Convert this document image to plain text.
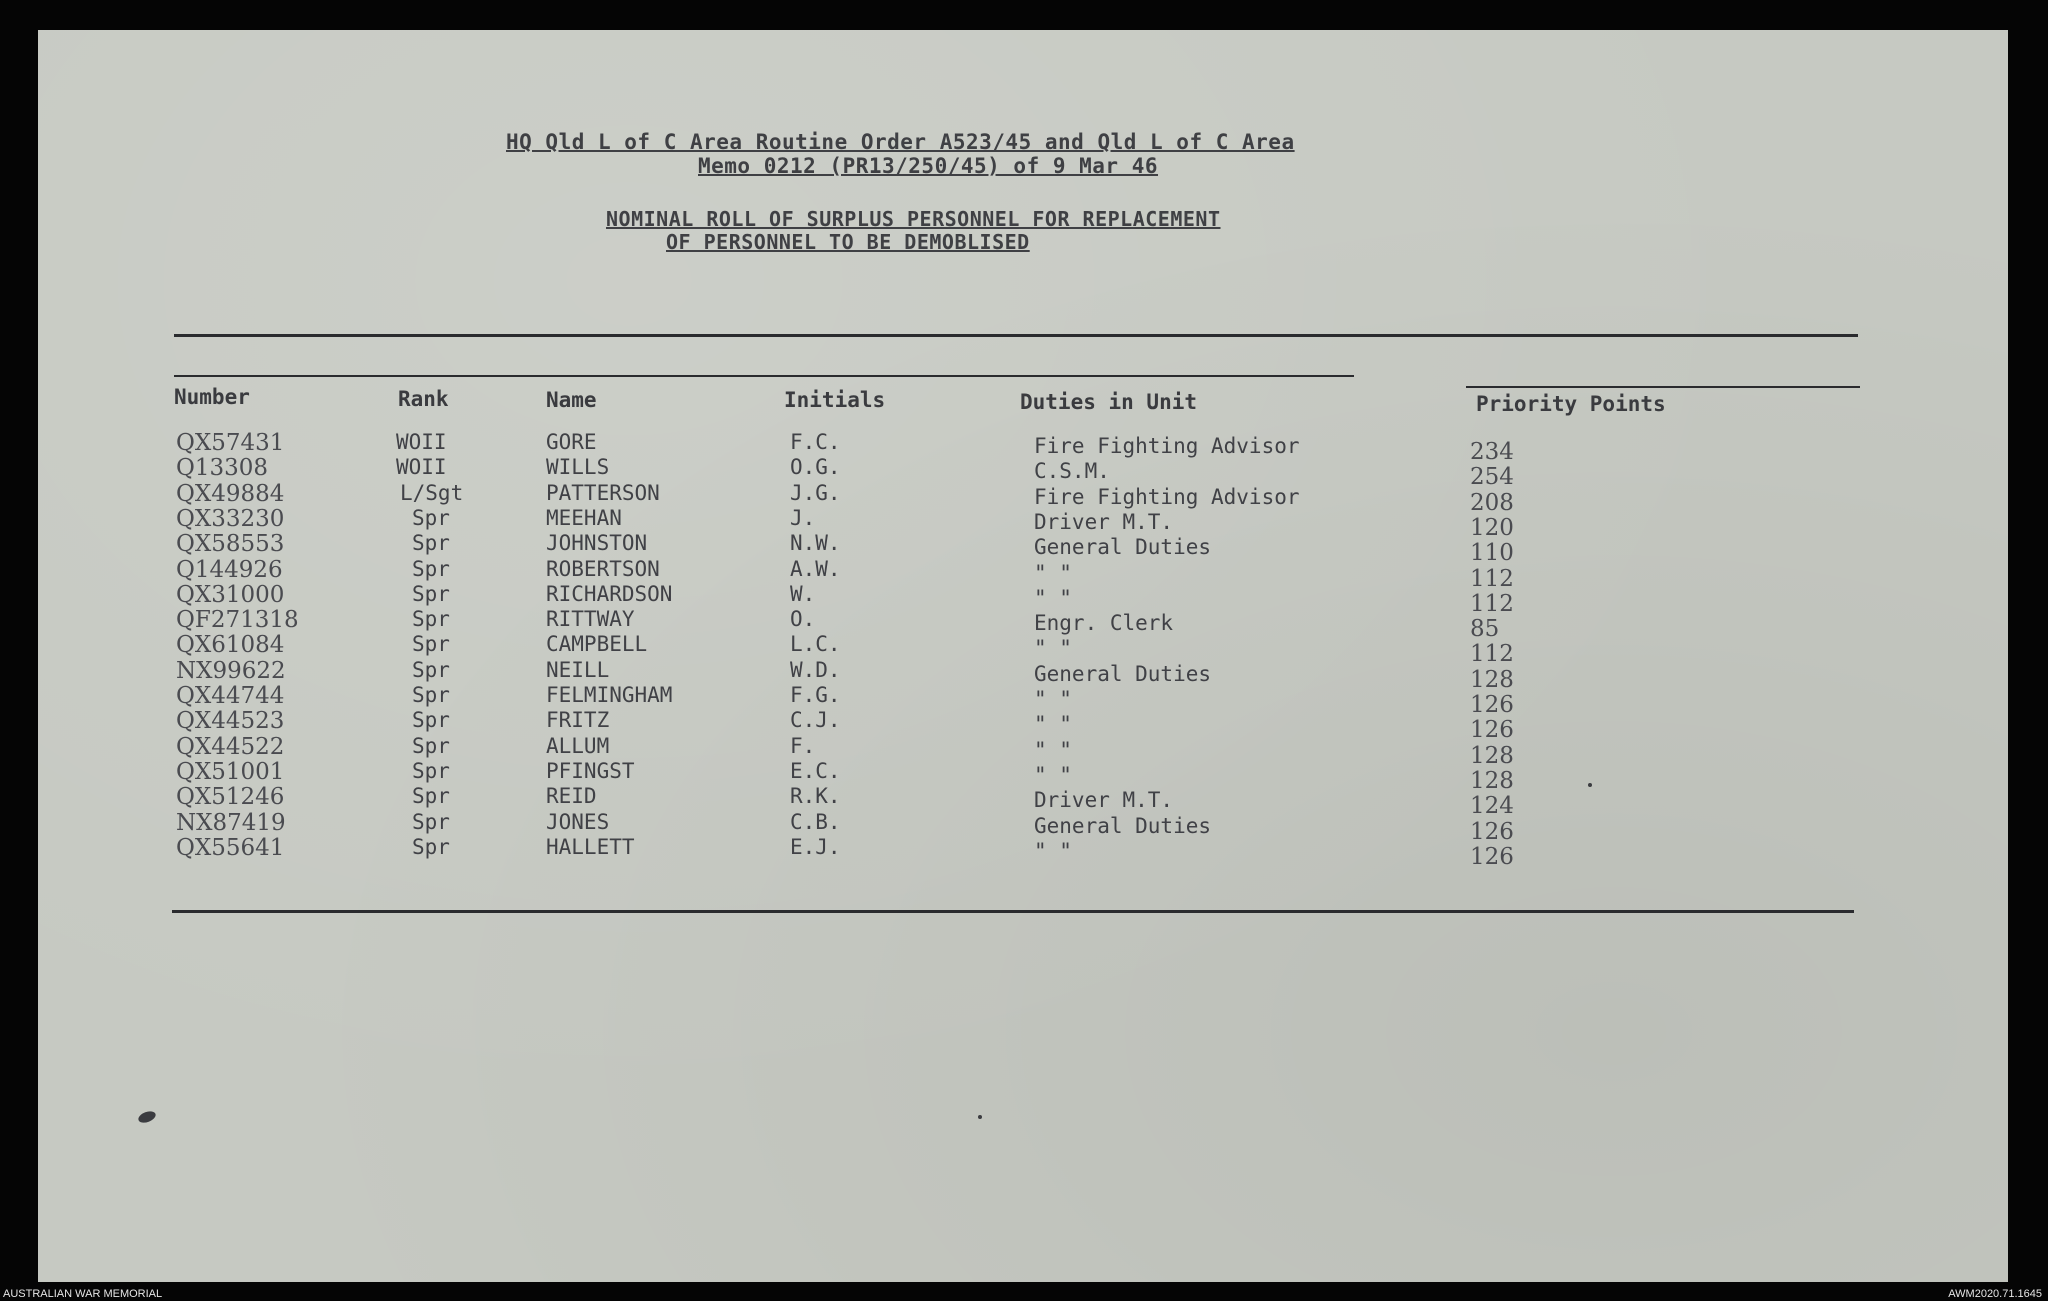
HQ Qld L of C Area Routine Order A523/45 and Qld L of C Area
Memo 0212 (PR13/250/45) of 9 Mar 46
NOMINAL ROLL OF SURPLUS PERSONNEL FOR REPLACEMENT
OF PERSONNEL TO BE DEMOBLISED
Number	Rank	Name	Initials	Duties in Unit	Priority Points
QX57431	WOII	GORE	F.C.	Fire Fighting Advisor	234
Q13308	WOII	WILLS	O.G.	C.S.M.	254
QX49884	L/Sgt	PATTERSON	J.G.	Fire Fighting Advisor	208
QX33230	Spr	MEEHAN	J.	Driver M.T.	120
QX58553	Spr	JOHNSTON	N.W.	General Duties	110
Q144926	Spr	ROBERTSON	A.W.	" "	112
QX31000	Spr	RICHARDSON	W.	" "	112
QF271318	Spr	RITTWAY	O.	Engr. Clerk	85
QX61084	Spr	CAMPBELL	L.C.	" "	112
NX99622	Spr	NEILL	W.D.	General Duties	128
QX44744	Spr	FELMINGHAM	F.G.	" "	126
QX44523	Spr	FRITZ	C.J.	" "	126
QX44522	Spr	ALLUM	F.	" "	128
QX51001	Spr	PFINGST	E.C.	" "	128
QX51246	Spr	REID	R.K.	Driver M.T.	124
NX87419	Spr	JONES	C.B.	General Duties	126
QX55641	Spr	HALLETT	E.J.	" "	126
AUSTRALIAN WAR MEMORIAL	AWM2020.71.1645
